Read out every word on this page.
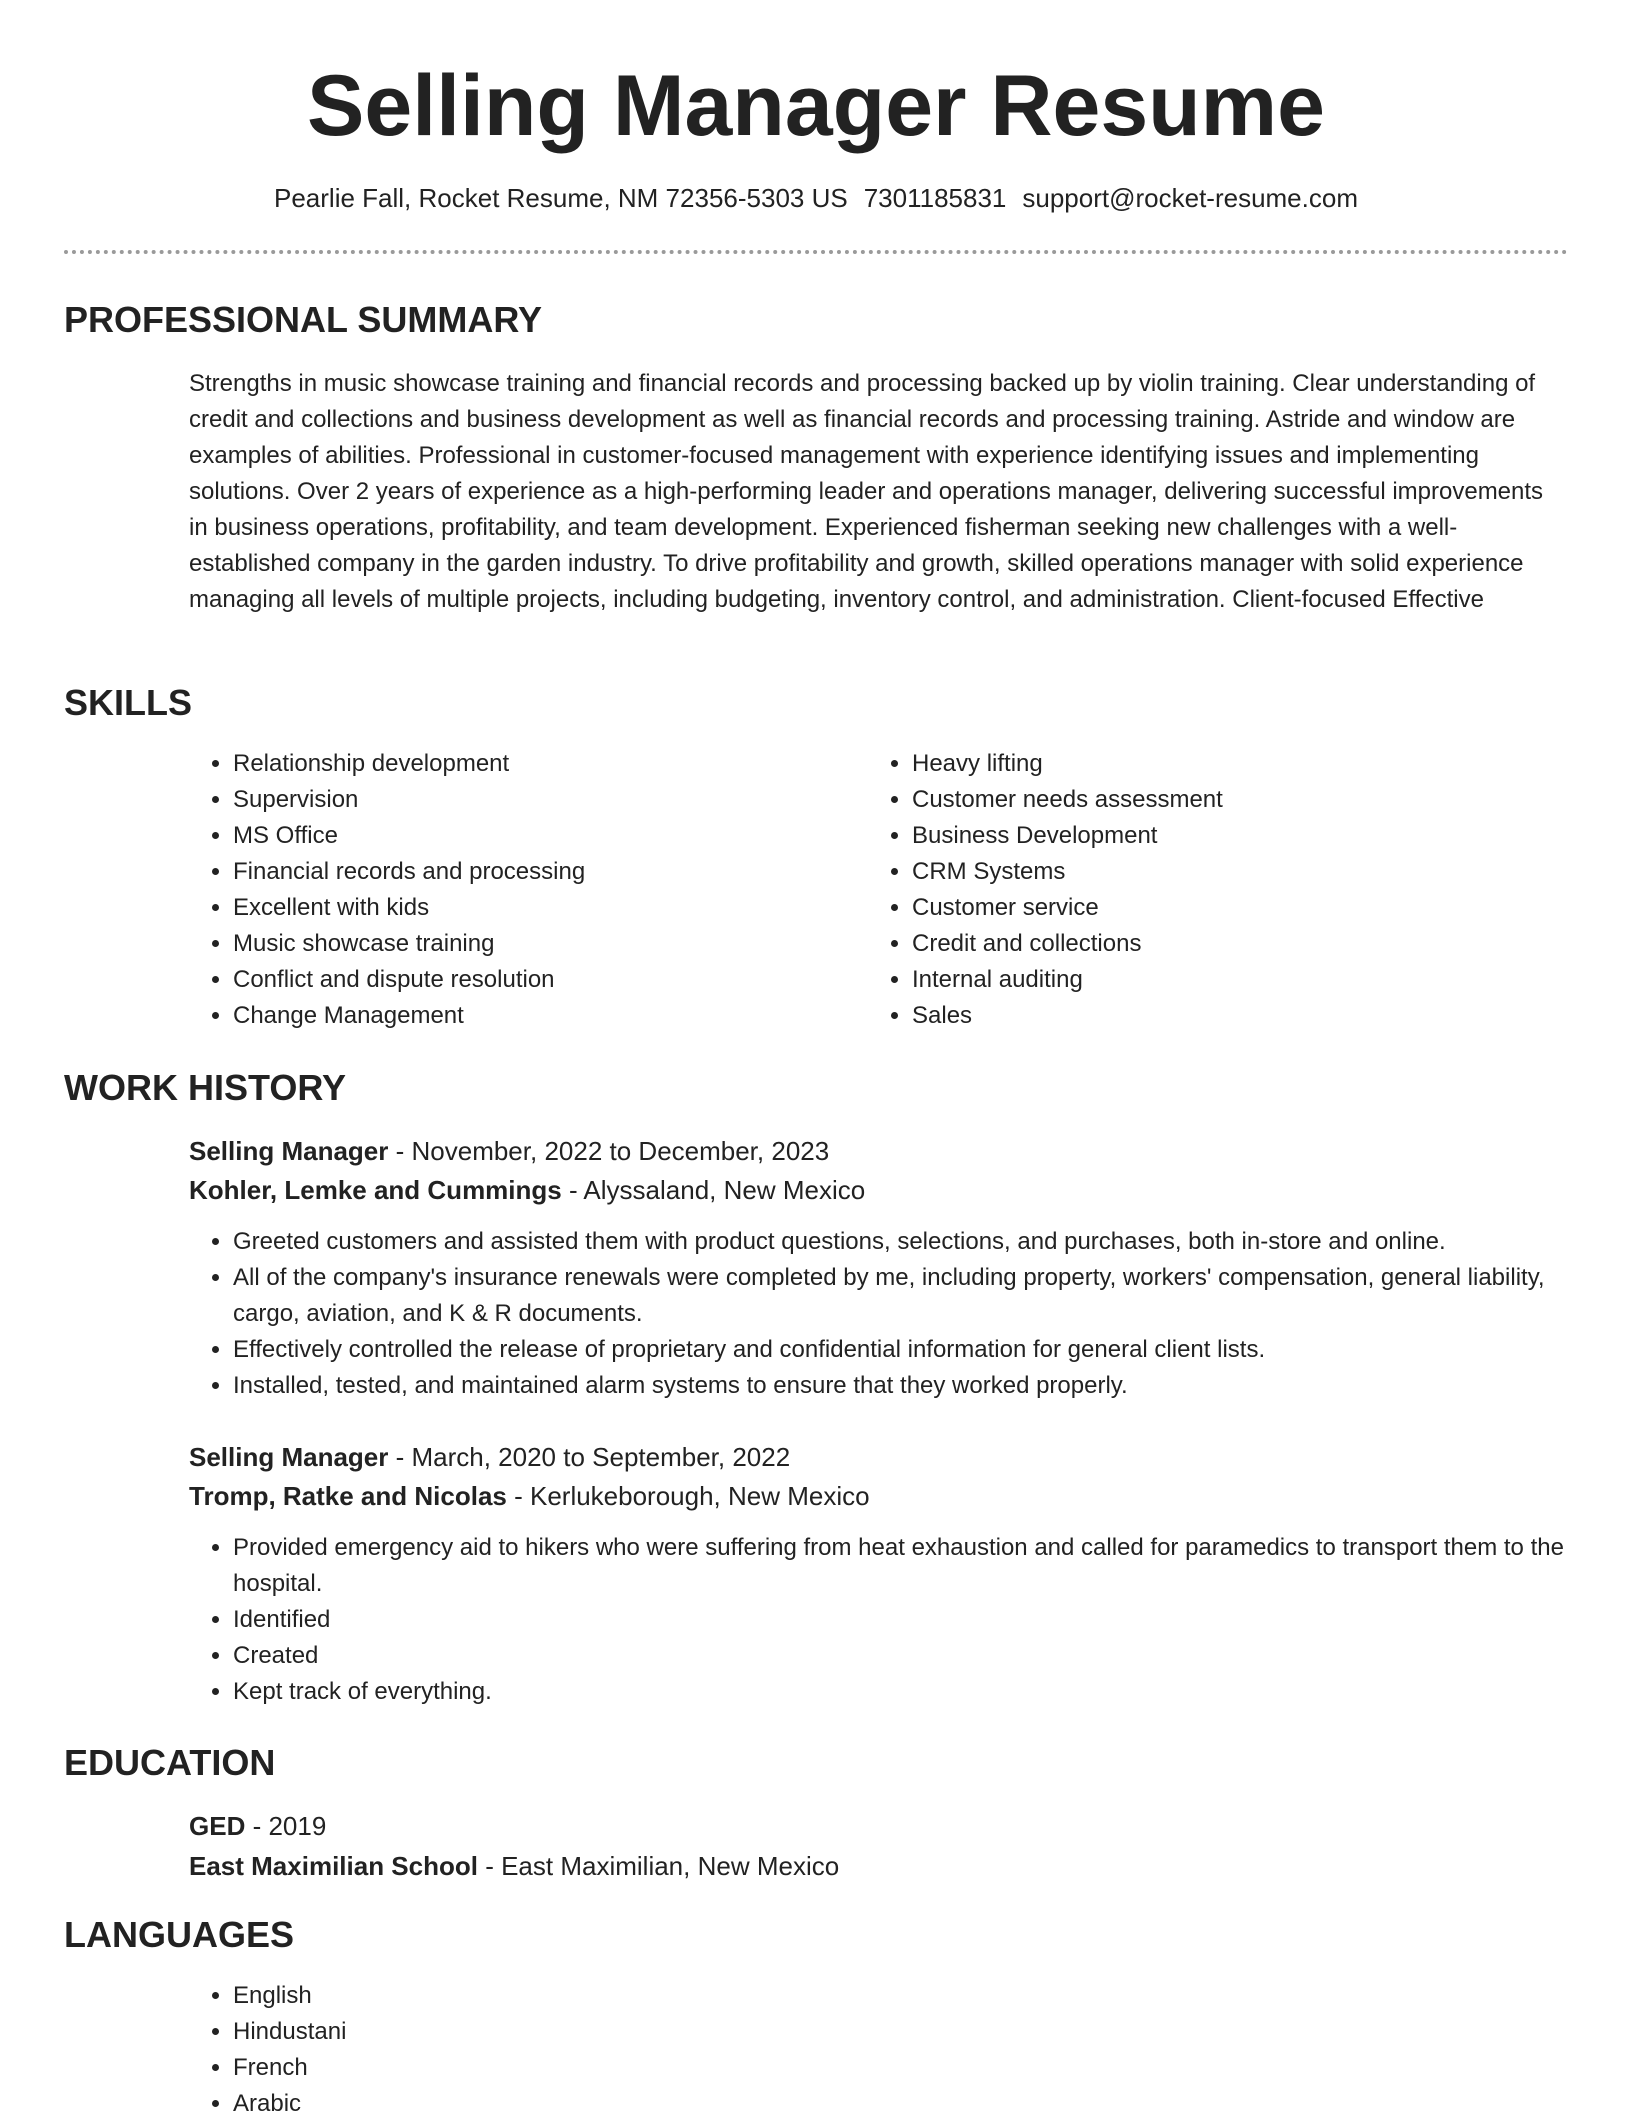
Selling Manager Resume
Pearlie Fall, Rocket Resume, NM 72356-5303 US 7301185831 support@rocket-resume.com
PROFESSIONAL SUMMARY
Strengths in music showcase training and financial records and processing backed up by violin training. Clear understanding of credit and collections and business development as well as financial records and processing training. Astride and window are examples of abilities. Professional in customer-focused management with experience identifying issues and implementing solutions. Over 2 years of experience as a high-performing leader and operations manager, delivering successful improvements in business operations, profitability, and team development. Experienced fisherman seeking new challenges with a well-established company in the garden industry. To drive profitability and growth, skilled operations manager with solid experience managing all levels of multiple projects, including budgeting, inventory control, and administration. Client-focused Effective
SKILLS
• Relationship development
• Supervision
• MS Office
• Financial records and processing
• Excellent with kids
• Music showcase training
• Conflict and dispute resolution
• Change Management
• Heavy lifting
• Customer needs assessment
• Business Development
• CRM Systems
• Customer service
• Credit and collections
• Internal auditing
• Sales
WORK HISTORY
Selling Manager - November, 2022 to December, 2023
Kohler, Lemke and Cummings - Alyssaland, New Mexico
• Greeted customers and assisted them with product questions, selections, and purchases, both in-store and online.
• All of the company's insurance renewals were completed by me, including property, workers' compensation, general liability, cargo, aviation, and K & R documents.
• Effectively controlled the release of proprietary and confidential information for general client lists.
• Installed, tested, and maintained alarm systems to ensure that they worked properly.
Selling Manager - March, 2020 to September, 2022
Tromp, Ratke and Nicolas - Kerlukeborough, New Mexico
• Provided emergency aid to hikers who were suffering from heat exhaustion and called for paramedics to transport them to the hospital.
• Identified
• Created
• Kept track of everything.
EDUCATION
GED - 2019
East Maximilian School - East Maximilian, New Mexico
LANGUAGES
• English
• Hindustani
• French
• Arabic
